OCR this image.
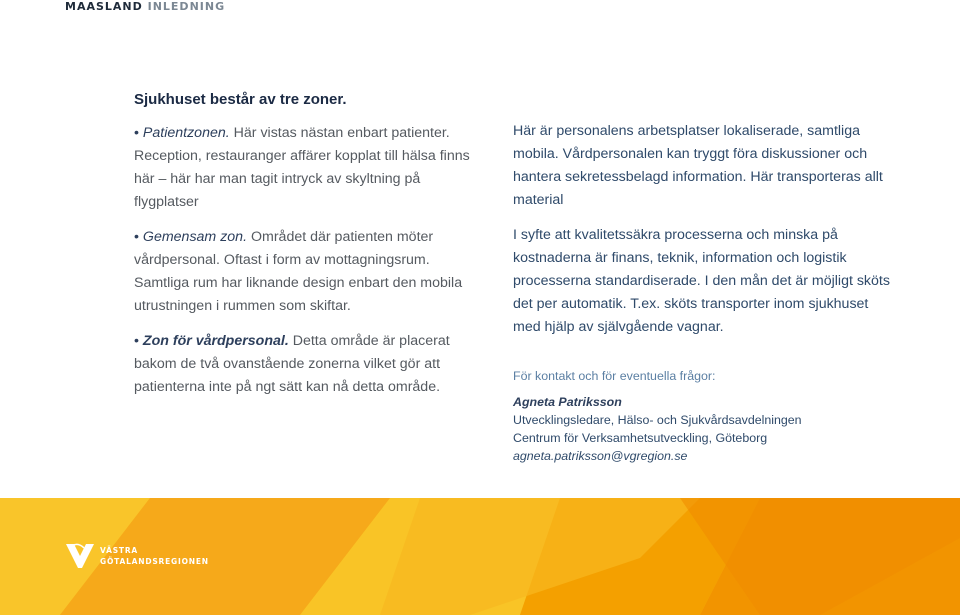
MAASLAND INLEDNING

Sjukhuset består av tre zoner.

• Patientzonen. Här vistas nästan enbart patienter. Reception, restauranger affärer kopplat till hälsa finns här – här har man tagit intryck av skyltning på flygplatser

• Gemensam zon. Området där patienten möter vårdpersonal. Oftast i form av mottagningsrum. Samtliga rum har liknande design enbart den mobila utrustningen i rummen som skiftar.

• Zon för vårdpersonal. Detta område är placerat bakom de två ovanstående zonerna vilket gör att patienterna inte på ngt sätt kan nå detta område.

Här är personalens arbetsplatser lokaliserade, samtliga mobila. Vårdpersonalen kan tryggt föra diskussioner och hantera sekretessbelagd information. Här transporteras allt material

I syfte att kvalitetssäkra processerna och minska på kostnaderna är finans, teknik, information och logistik processerna standardiserade. I den mån det är möjligt sköts det per automatik. T.ex. sköts transporter inom sjukhuset med hjälp av självgående vagnar.

För kontakt och för eventuella frågor:
Agneta Patriksson
Utvecklingsledare, Hälso- och Sjukvårdsavdelningen
Centrum för Verksamhetsutveckling, Göteborg
agneta.patriksson@vgregion.se
VÄSTRA
GÖTALANDSREGIONEN
